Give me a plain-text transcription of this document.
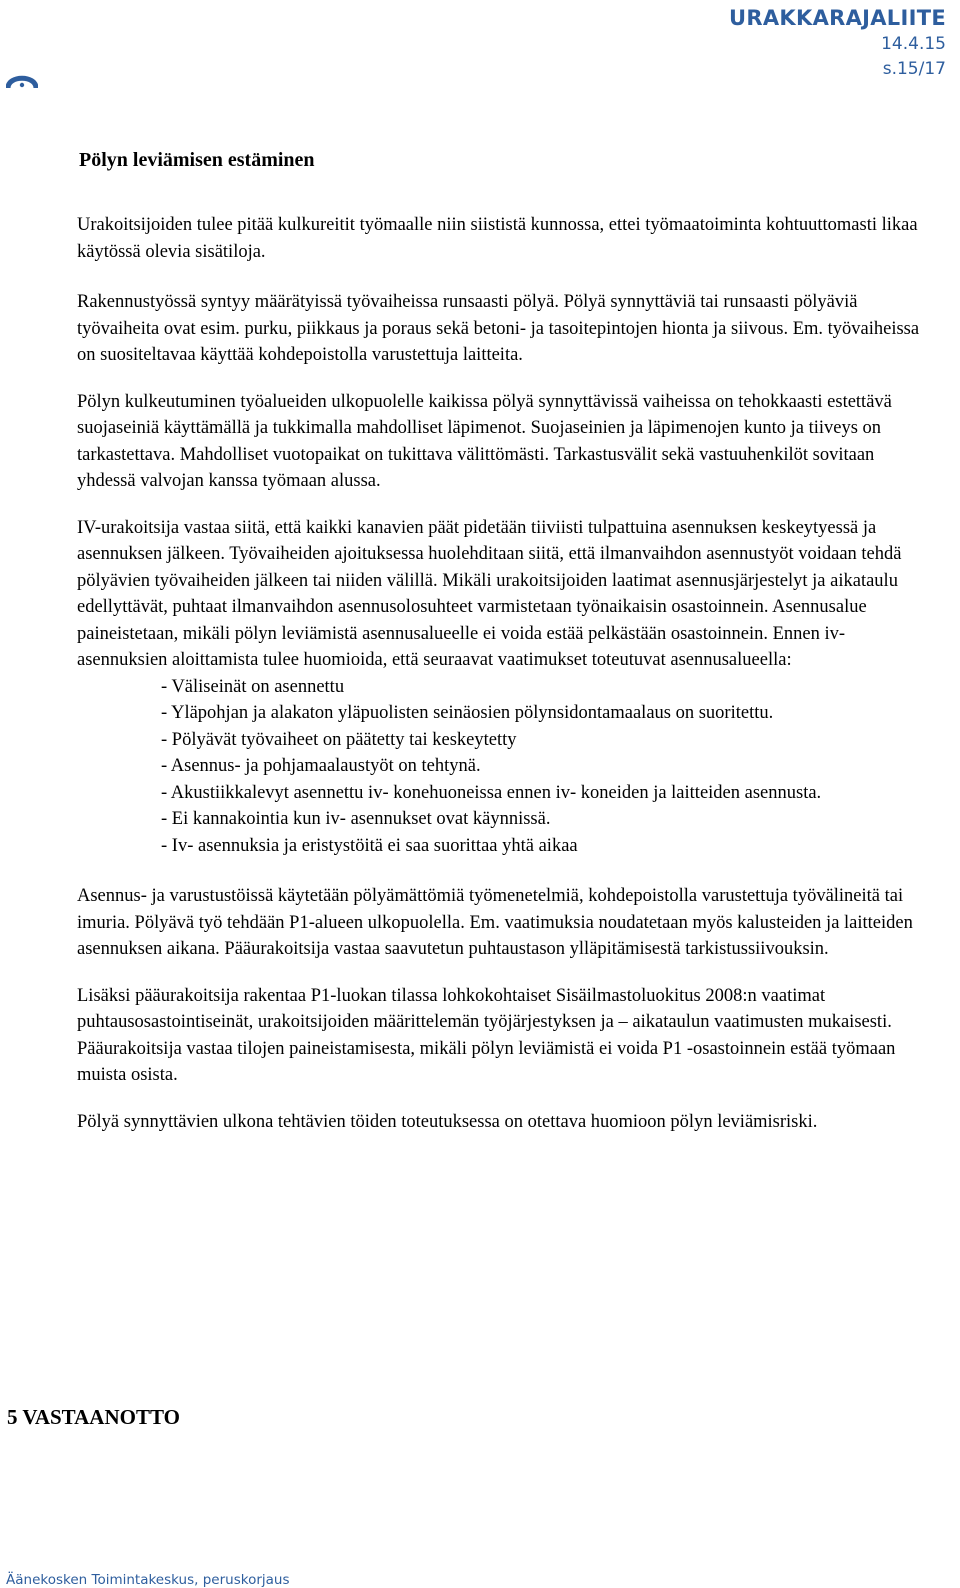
URAKKARAJALIITE
14.4.15
s.15/17
Pölyn leviämisen estäminen

Urakoitsijoiden tulee pitää kulkureitit työmaalle niin siististä kunnossa, ettei työmaatoiminta kohtuuttomasti likaa käytössä olevia sisätiloja.

Rakennustyössä syntyy määrätyissä työvaiheissa runsaasti pölyä. Pölyä synnyttäviä tai runsaasti pölyäviä työvaiheita ovat esim. purku, piikkaus ja poraus sekä betoni- ja tasoitepintojen hionta ja siivous. Em. työvaiheissa on suositeltavaa käyttää kohdepoistolla varustettuja laitteita.

Pölyn kulkeutuminen työalueiden ulkopuolelle kaikissa pölyä synnyttävissä vaiheissa on tehokkaasti estettävä suojaseiniä käyttämällä ja tukkimalla mahdolliset läpimenot. Suojaseinien ja läpimenojen kunto ja tiiveys on tarkastettava. Mahdolliset vuotopaikat on tukittava välittömästi. Tarkastusvälit sekä vastuuhenkilöt sovitaan yhdessä valvojan kanssa työmaan alussa.

IV-urakoitsija vastaa siitä, että kaikki kanavien päät pidetään tiiviisti tulpattuina asennuksen keskeytyessä ja asennuksen jälkeen. Työvaiheiden ajoituksessa huolehditaan siitä, että ilmanvaihdon asennustyöt voidaan tehdä pölyävien työvaiheiden jälkeen tai niiden välillä. Mikäli urakoitsijoiden laatimat asennusjärjestelyt ja aikataulu edellyttävät, puhtaat ilmanvaihdon asennusolosuhteet varmistetaan työnaikaisin osastoinnein. Asennusalue paineistetaan, mikäli pölyn leviämistä asennusalueelle ei voida estää pelkästään osastoinnein. Ennen iv- asennuksien aloittamista tulee huomioida, että seuraavat vaatimukset toteutuvat asennusalueella:

- Väliseinät on asennettu
- Yläpohjan ja alakaton yläpuolisten seinäosien pölynsidontamaalaus on suoritettu.
- Pölyävät työvaiheet on päätetty tai keskeytetty
- Asennus- ja pohjamaalaustyöt on tehtynä.
- Akustiikkalevyt asennettu iv- konehuoneissa ennen iv- koneiden ja laitteiden asennusta.
- Ei kannakointia kun iv- asennukset ovat käynnissä.
- Iv- asennuksia ja eristystöitä ei saa suorittaa yhtä aikaa

Asennus- ja varustustöissä käytetään pölyämättömiä työmenetelmiä, kohdepoistolla varustettuja työvälineitä tai imuria. Pölyävä työ tehdään P1-alueen ulkopuolella. Em. vaatimuksia noudatetaan myös kalusteiden ja laitteiden asennuksen aikana. Pääurakoitsija vastaa saavutetun puhtaustason ylläpitämisestä tarkistussiivouksin.

Lisäksi pääurakoitsija rakentaa P1-luokan tilassa lohkokohtaiset Sisäilmastoluokitus 2008:n vaatimat puhtausosastointiseinät, urakoitsijoiden määrittelemän työjärjestyksen ja – aikataulun vaatimusten mukaisesti. Pääurakoitsija vastaa tilojen paineistamisesta, mikäli pölyn leviämistä ei voida P1 -osastoinnein estää työmaan muista osista.

Pölyä synnyttävien ulkona tehtävien töiden toteutuksessa on otettava huomioon pölyn leviämisriski.

5 VASTAANOTTO
Äänekosken Toimintakeskus, peruskorjaus
